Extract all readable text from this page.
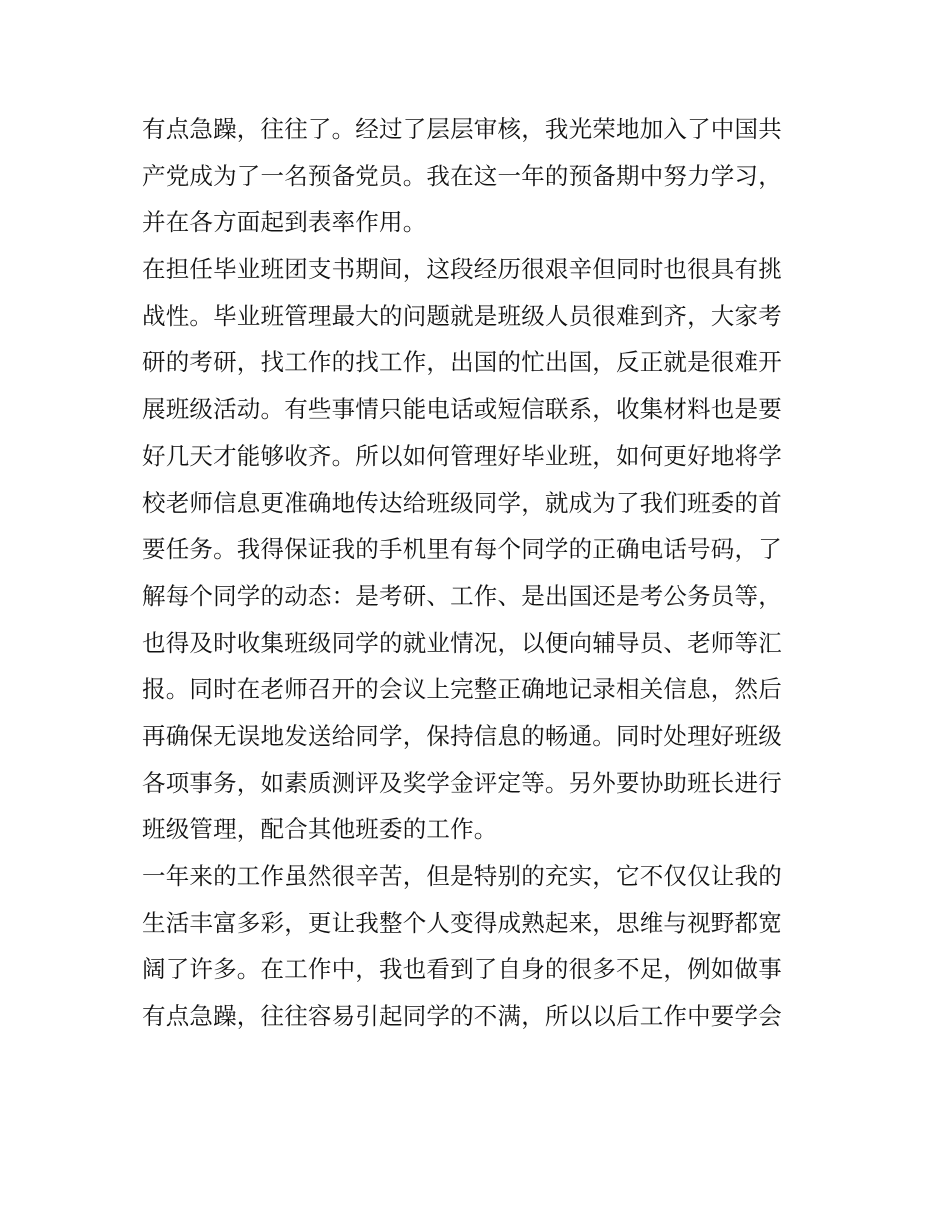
有点急躁，往往了。经过了层层审核，我光荣地加入了中国共
产党成为了一名预备党员。我在这一年的预备期中努力学习，
并在各方面起到表率作用。
在担任毕业班团支书期间，这段经历很艰辛但同时也很具有挑
战性。毕业班管理最大的问题就是班级人员很难到齐，大家考
研的考研，找工作的找工作，出国的忙出国，反正就是很难开
展班级活动。有些事情只能电话或短信联系，收集材料也是要
好几天才能够收齐。所以如何管理好毕业班，如何更好地将学
校老师信息更准确地传达给班级同学，就成为了我们班委的首
要任务。我得保证我的手机里有每个同学的正确电话号码，了
解每个同学的动态：是考研、工作、是出国还是考公务员等，
也得及时收集班级同学的就业情况，以便向辅导员、老师等汇
报。同时在老师召开的会议上完整正确地记录相关信息，然后
再确保无误地发送给同学，保持信息的畅通。同时处理好班级
各项事务，如素质测评及奖学金评定等。另外要协助班长进行
班级管理，配合其他班委的工作。
一年来的工作虽然很辛苦，但是特别的充实，它不仅仅让我的
生活丰富多彩，更让我整个人变得成熟起来，思维与视野都宽
阔了许多。在工作中，我也看到了自身的很多不足，例如做事
有点急躁，往往容易引起同学的不满，所以以后工作中要学会
